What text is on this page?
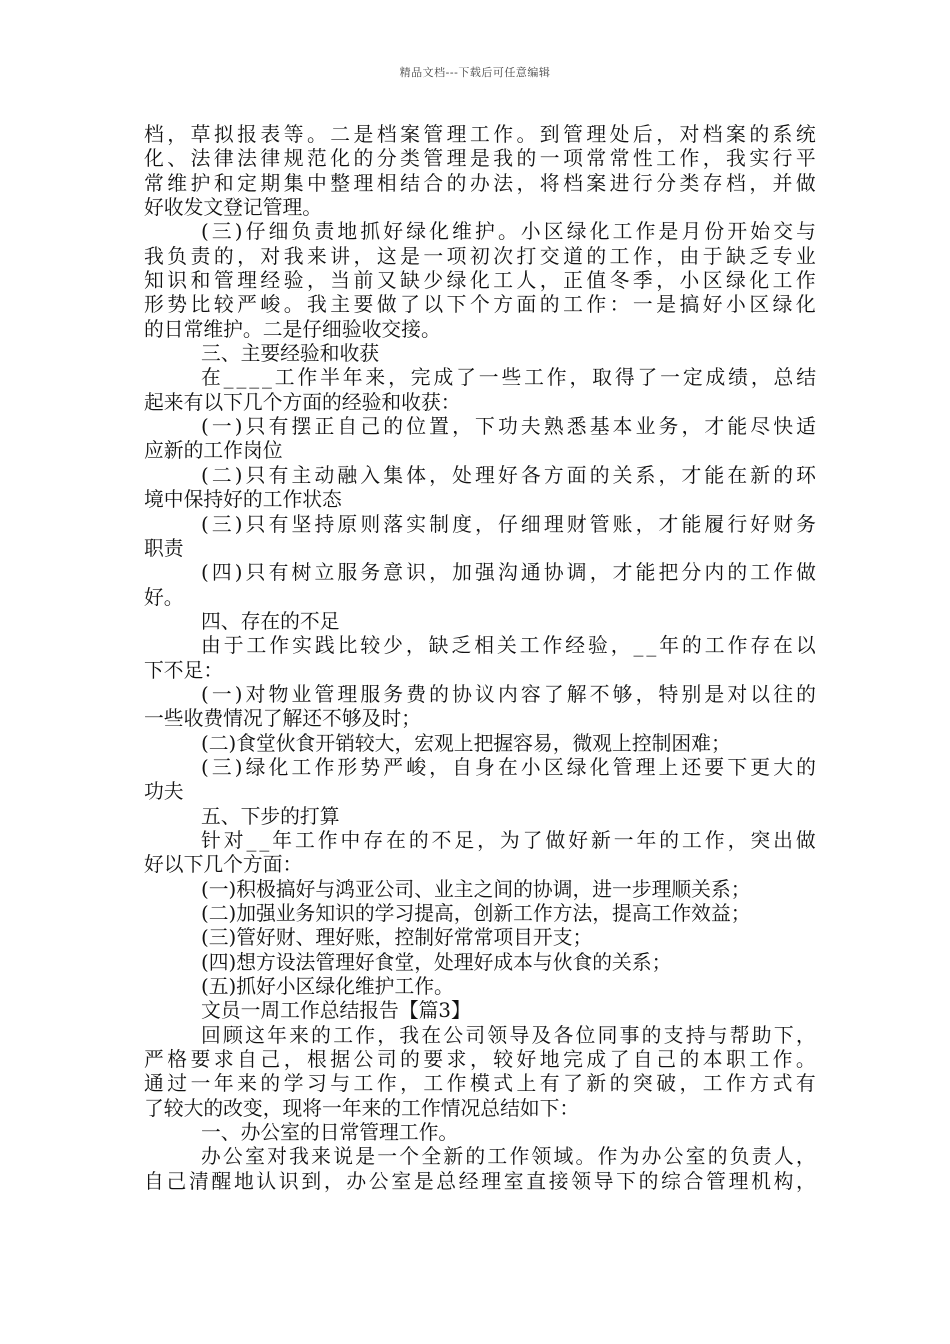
精品文档---下载后可任意编辑
档 ， 草 拟 报 表 等 。 二 是 档 案 管 理 工 作 。 到 管 理 处 后 ， 对 档 案 的 系 统
化 、 法 律 法 律 规 范 化 的 分 类 管 理 是 我 的 一 项 常 常 性 工 作 ， 我 实 行 平
常 维 护 和 定 期 集 中 整 理 相 结 合 的 办 法 ， 将 档 案 进 行 分 类 存 档 ， 并 做
好收发文登记管理。
( 三 ) 仔 细 负 责 地 抓 好 绿 化 维 护 。 小 区 绿 化 工 作 是 月 份 开 始 交 与
我 负 责 的 ， 对 我 来 讲 ， 这 是 一 项 初 次 打 交 道 的 工 作 ， 由 于 缺 乏 专 业
知 识 和 管 理 经 验 ， 当 前 又 缺 少 绿 化 工 人 ， 正 值 冬 季 ， 小 区 绿 化 工 作
形 势 比 较 严 峻 。 我 主 要 做 了 以 下 个 方 面 的 工 作 ： 一 是 搞 好 小 区 绿 化
的日常维护。二是仔细验收交接。
三、主要经验和收获
在 _ _ _ _ 工 作 半 年 来 ， 完 成 了 一 些 工 作 ， 取 得 了 一 定 成 绩 ， 总 结
起来有以下几个方面的经验和收获：
( 一 ) 只 有 摆 正 自 己 的 位 置 ， 下 功 夫 熟 悉 基 本 业 务 ， 才 能 尽 快 适
应新的工作岗位
( 二 ) 只 有 主 动 融 入 集 体 ， 处 理 好 各 方 面 的 关 系 ， 才 能 在 新 的 环
境中保持好的工作状态
( 三 ) 只 有 坚 持 原 则 落 实 制 度 ， 仔 细 理 财 管 账 ， 才 能 履 行 好 财 务
职责
( 四 ) 只 有 树 立 服 务 意 识 ， 加 强 沟 通 协 调 ， 才 能 把 分 内 的 工 作 做
好。
四、存在的不足
由 于 工 作 实 践 比 较 少 ， 缺 乏 相 关 工 作 经 验 ， _ _ 年 的 工 作 存 在 以
下不足：
( 一 ) 对 物 业 管 理 服 务 费 的 协 议 内 容 了 解 不 够 ， 特 别 是 对 以 往 的
一些收费情况了解还不够及时；
(二)食堂伙食开销较大，宏观上把握容易，微观上控制困难；
( 三 ) 绿 化 工 作 形 势 严 峻 ， 自 身 在 小 区 绿 化 管 理 上 还 要 下 更 大 的
功夫
五、下步的打算
针 对 _ _ 年 工 作 中 存 在 的 不 足 ， 为 了 做 好 新 一 年 的 工 作 ， 突 出 做
好以下几个方面：
(一)积极搞好与鸿亚公司、业主之间的协调，进一步理顺关系；
(二)加强业务知识的学习提高，创新工作方法，提高工作效益；
(三)管好财、理好账，控制好常常项目开支；
(四)想方设法管理好食堂，处理好成本与伙食的关系；
(五)抓好小区绿化维护工作。
文员一周工作总结报告【篇3】
回 顾 这 年 来 的 工 作 ， 我 在 公 司 领 导 及 各 位 同 事 的 支 持 与 帮 助 下 ，
严 格 要 求 自 己 ， 根 据 公 司 的 要 求 ， 较 好 地 完 成 了 自 己 的 本 职 工 作 。
通 过 一 年 来 的 学 习 与 工 作 ， 工 作 模 式 上 有 了 新 的 突 破 ， 工 作 方 式 有
了较大的改变，现将一年来的工作情况总结如下：
一、办公室的日常管理工作。
办 公 室 对 我 来 说 是 一 个 全 新 的 工 作 领 域 。 作 为 办 公 室 的 负 责 人 ，
自 己 清 醒 地 认 识 到 ， 办 公 室 是 总 经 理 室 直 接 领 导 下 的 综 合 管 理 机 构 ，
